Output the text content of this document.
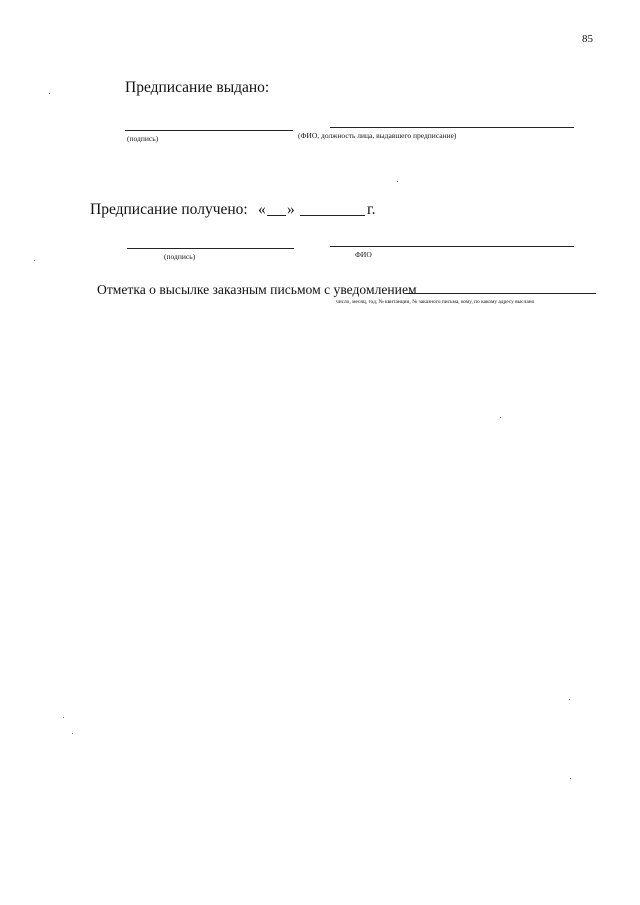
85
Предписание выдано:
(подпись)	(ФИО, должность лица, выдавшего предписание)
Предписание получено: « »	г.
(подпись)	ФИО
Отметка о высылке заказным письмом с уведомлением
число, месяц, год, № квитанции, № заказного письма, кому, по какому адресу выслано
